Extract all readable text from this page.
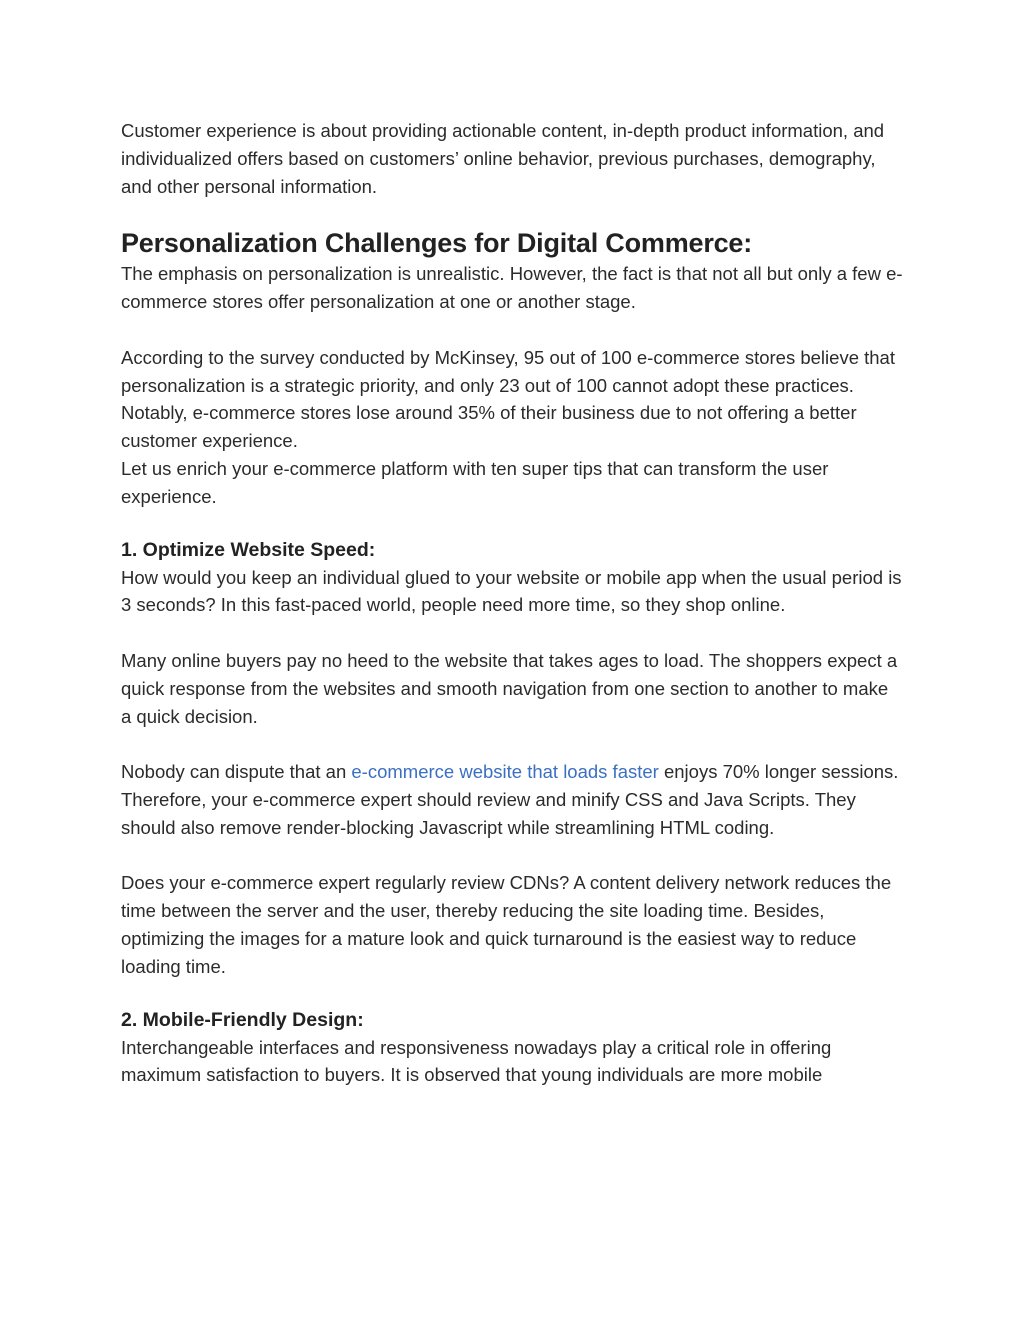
Customer experience is about providing actionable content, in-depth product information, and individualized offers based on customers’ online behavior, previous purchases, demography, and other personal information.

Personalization Challenges for Digital Commerce:

The emphasis on personalization is unrealistic. However, the fact is that not all but only a few e-commerce stores offer personalization at one or another stage.

According to the survey conducted by McKinsey, 95 out of 100 e-commerce stores believe that personalization is a strategic priority, and only 23 out of 100 cannot adopt these practices. Notably, e-commerce stores lose around 35% of their business due to not offering a better customer experience.

Let us enrich your e-commerce platform with ten super tips that can transform the user experience.

1. Optimize Website Speed:

How would you keep an individual glued to your website or mobile app when the usual period is 3 seconds? In this fast-paced world, people need more time, so they shop online.

Many online buyers pay no heed to the website that takes ages to load. The shoppers expect a quick response from the websites and smooth navigation from one section to another to make a quick decision.

Nobody can dispute that an e-commerce website that loads faster enjoys 70% longer sessions. Therefore, your e-commerce expert should review and minify CSS and Java Scripts. They should also remove render-blocking Javascript while streamlining HTML coding.

Does your e-commerce expert regularly review CDNs? A content delivery network reduces the time between the server and the user, thereby reducing the site loading time. Besides, optimizing the images for a mature look and quick turnaround is the easiest way to reduce loading time.

2. Mobile-Friendly Design:

Interchangeable interfaces and responsiveness nowadays play a critical role in offering maximum satisfaction to buyers. It is observed that young individuals are more mobile
